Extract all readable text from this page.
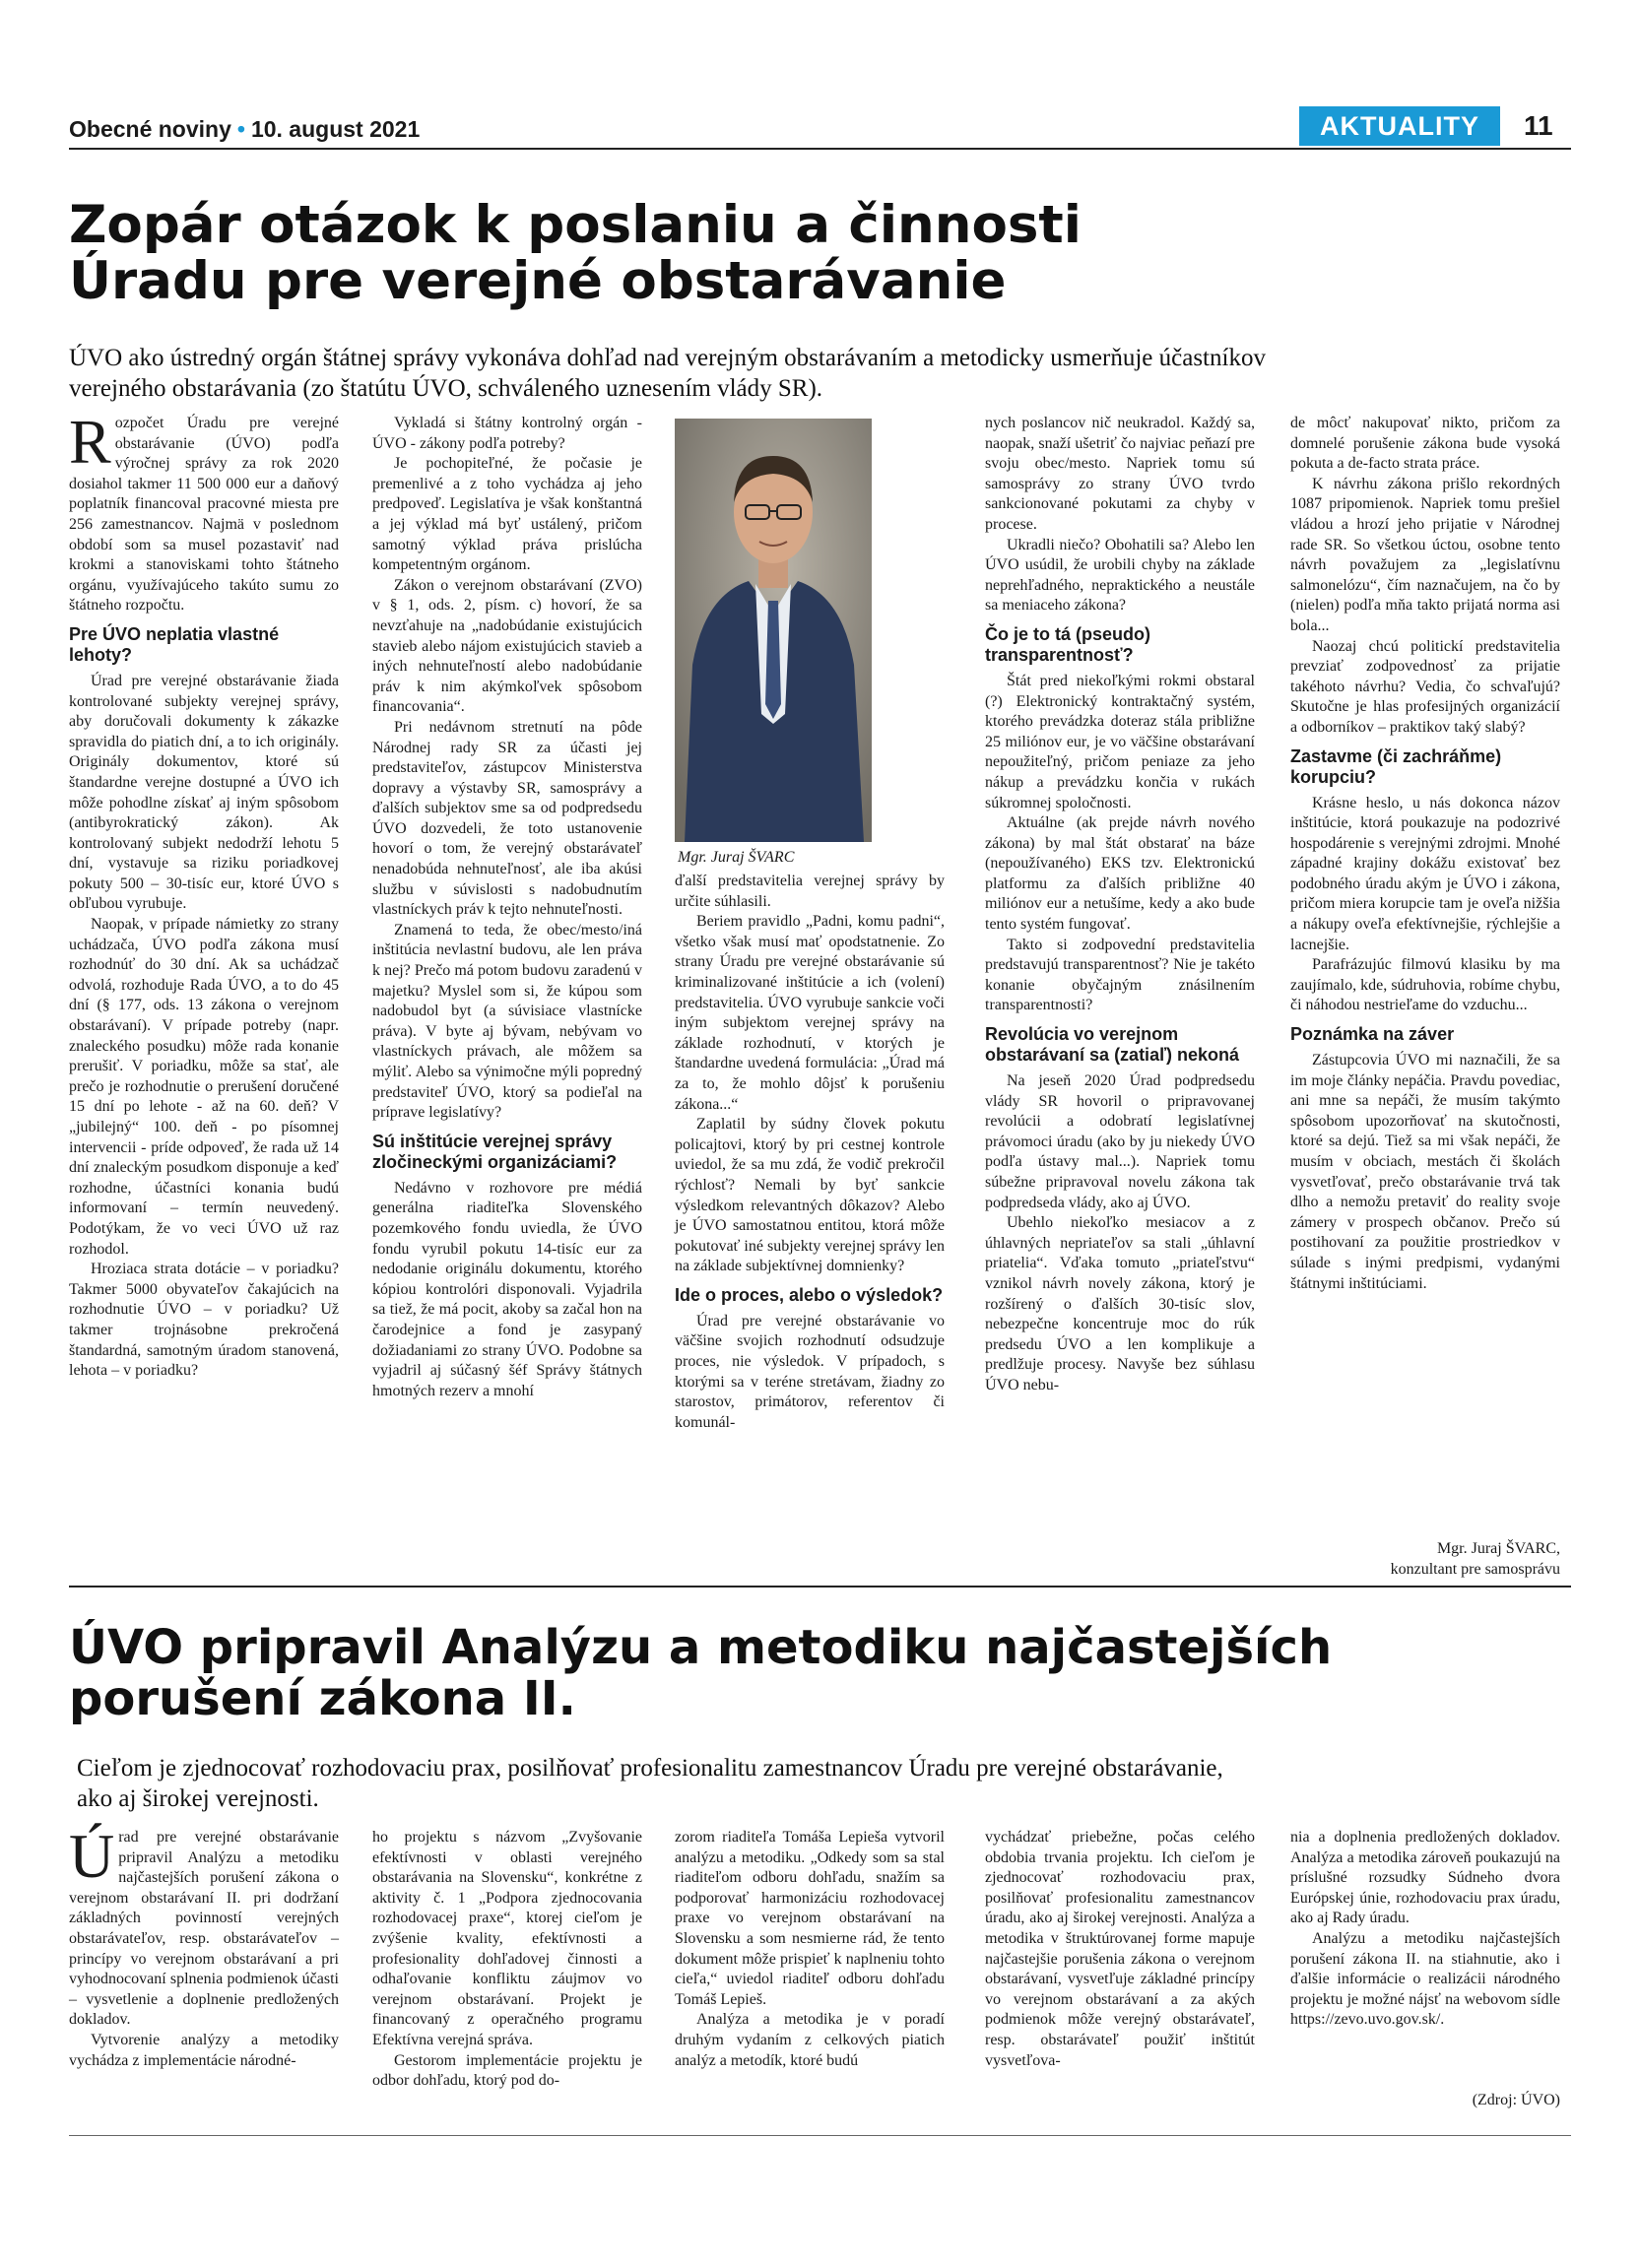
Obecné noviny • 10. august 2021	AKTUALITY	11
Zopár otázok k poslaniu a činnosti
Úradu pre verejné obstarávanie
ÚVO ako ústredný orgán štátnej správy vykonáva dohľad nad verejným obstarávaním a metodicky usmerňuje účastníkov
verejného obstarávania (zo štatútu ÚVO, schváleného uznesením vlády SR).

Rozpočet Úradu pre verejné obstarávanie (ÚVO) podľa výročnej správy za rok 2020 dosiahol takmer 11 500 000 eur a daňový poplatník financoval pracovné miesta pre 256 zamestnancov. Najmä v poslednom období som sa musel pozastaviť nad krokmi a stanoviskami tohto štátneho orgánu, využívajúceho takúto sumu zo štátneho rozpočtu.

Pre ÚVO neplatia vlastné lehoty?

Úrad pre verejné obstarávanie žiada kontrolované subjekty verejnej správy, aby doručovali dokumenty k zákazke spravidla do piatich dní, a to ich originály. Originály dokumentov, ktoré sú štandardne verejne dostupné a ÚVO ich môže pohodlne získať aj iným spôsobom (antibyrokratický zákon). Ak kontrolovaný subjekt nedodrží lehotu 5 dní, vystavuje sa riziku poriadkovej pokuty 500 – 30-tisíc eur, ktoré ÚVO s obľubou vyrubuje.

Naopak, v prípade námietky zo strany uchádzača, ÚVO podľa zákona musí rozhodnúť do 30 dní. Ak sa uchádzač odvolá, rozhoduje Rada ÚVO, a to do 45 dní (§ 177, ods. 13 zákona o verejnom obstarávaní). V prípade potreby (napr. znaleckého posudku) môže rada konanie prerušiť. V poriadku, môže sa stať, ale prečo je rozhodnutie o prerušení doručené 15 dní po lehote - až na 60. deň? V „jubilejný“ 100. deň - po písomnej intervencii - príde odpoveď, že rada už 14 dní znaleckým posudkom disponuje a keď rozhodne, účastníci konania budú informovaní – termín neuvedený. Podotýkam, že vo veci ÚVO už raz rozhodol.

Hroziaca strata dotácie – v poriadku? Takmer 5000 obyvateľov čakajúcich na rozhodnutie ÚVO – v poriadku? Už takmer trojnásobne prekročená štandardná, samotným úradom stanovená, lehota – v poriadku?

Vykladá si štátny kontrolný orgán - ÚVO - zákony podľa potreby?

Je pochopiteľné, že počasie je premenlivé a z toho vychádza aj jeho predpoveď. Legislatíva je však konštantná a jej výklad má byť ustálený, pričom samotný výklad práva prislúcha kompetentným orgánom.

Zákon o verejnom obstarávaní (ZVO) v § 1, ods. 2, písm. c) hovorí, že sa nevzťahuje na „nadobúdanie existujúcich stavieb alebo nájom existujúcich stavieb a iných nehnuteľností alebo nadobúdanie práv k nim akýmkoľvek spôsobom financovania“.

Pri nedávnom stretnutí na pôde Národnej rady SR za účasti jej predstaviteľov, zástupcov Ministerstva dopravy a výstavby SR, samosprávy a ďalších subjektov sme sa od podpredsedu ÚVO dozvedeli, že toto ustanovenie hovorí o tom, že verejný obstarávateľ nenadobúda nehnuteľnosť, ale iba akúsi službu v súvislosti s nadobudnutím vlastníckych práv k tejto nehnuteľnosti.

Znamená to teda, že obec/mesto/iná inštitúcia nevlastní budovu, ale len práva k nej? Prečo má potom budovu zaradenú v majetku? Myslel som si, že kúpou som nadobudol byt (a súvisiace vlastnícke práva). V byte aj bývam, nebývam vo vlastníckych právach, ale môžem sa mýliť. Alebo sa výnimočne mýli popredný predstaviteľ ÚVO, ktorý sa podieľal na príprave legislatívy?

Sú inštitúcie verejnej správy zločineckými organizáciami?

Nedávno v rozhovore pre médiá generálna riaditeľka Slovenského pozemkového fondu uviedla, že ÚVO fondu vyrubil pokutu 14-tisíc eur za nedodanie originálu dokumentu, ktorého kópiou kontrolóri disponovali. Vyjadrila sa tiež, že má pocit, akoby sa začal hon na čarodejnice a fond je zasypaný dožiadaniami zo strany ÚVO. Podobne sa vyjadril aj súčasný šéf Správy štátnych hmotných rezerv a mnohí

Mgr. Juraj ŠVARC

ďalší predstavitelia verejnej správy by určite súhlasili.

Beriem pravidlo „Padni, komu padni“, všetko však musí mať opodstatnenie. Zo strany Úradu pre verejné obstarávanie sú kriminalizované inštitúcie a ich (volení) predstavitelia. ÚVO vyrubuje sankcie voči iným subjektom verejnej správy na základe rozhodnutí, v ktorých je štandardne uvedená formulácia: „Úrad má za to, že mohlo dôjsť k porušeniu zákona...“

Zaplatil by súdny človek pokutu policajtovi, ktorý by pri cestnej kontrole uviedol, že sa mu zdá, že vodič prekročil rýchlosť? Nemali by byť sankcie výsledkom relevantných dôkazov? Alebo je ÚVO samostatnou entitou, ktorá môže pokutovať iné subjekty verejnej správy len na základe subjektívnej domnienky?

Ide o proces, alebo o výsledok?

Úrad pre verejné obstarávanie vo väčšine svojich rozhodnutí odsudzuje proces, nie výsledok. V prípadoch, s ktorými sa v teréne stretávam, žiadny zo starostov, primátorov, referentov či komunál-

nych poslancov nič neukradol. Každý sa, naopak, snaží ušetriť čo najviac peňazí pre svoju obec/mesto. Napriek tomu sú samosprávy zo strany ÚVO tvrdo sankcionované pokutami za chyby v procese.

Ukradli niečo? Obohatili sa? Alebo len ÚVO usúdil, že urobili chyby na základe neprehľadného, nepraktického a neustále sa meniaceho zákona?

Čo je to tá (pseudo) transparentnosť?

Štát pred niekoľkými rokmi obstaral (?) Elektronický kontraktačný systém, ktorého prevádzka doteraz stála približne 25 miliónov eur, je vo väčšine obstarávaní nepoužiteľný, pričom peniaze za jeho nákup a prevádzku končia v rukách súkromnej spoločnosti.

Aktuálne (ak prejde návrh nového zákona) by mal štát obstarať na báze (nepoužívaného) EKS tzv. Elektronickú platformu za ďalších približne 40 miliónov eur a netušíme, kedy a ako bude tento systém fungovať.

Takto si zodpovední predstavitelia predstavujú transparentnosť? Nie je takéto konanie obyčajným znásilnením transparentnosti?

Revolúcia vo verejnom obstarávaní sa (zatiaľ) nekoná

Na jeseň 2020 Úrad podpredsedu vlády SR hovoril o pripravovanej revolúcii a odobratí legislatívnej právomoci úradu (ako by ju niekedy ÚVO podľa ústavy mal...). Napriek tomu súbežne pripravoval novelu zákona tak podpredseda vlády, ako aj ÚVO.

Ubehlo niekoľko mesiacov a z úhlavných nepriateľov sa stali „úhlavní priatelia“. Vďaka tomuto „priateľstvu“ vznikol návrh novely zákona, ktorý je rozšírený o ďalších 30-tisíc slov, nebezpečne koncentruje moc do rúk predsedu ÚVO a len komplikuje a predlžuje procesy. Navyše bez súhlasu ÚVO nebu-

de môcť nakupovať nikto, pričom za domnelé porušenie zákona bude vysoká pokuta a de-facto strata práce.

K návrhu zákona prišlo rekordných 1087 pripomienok. Napriek tomu prešiel vládou a hrozí jeho prijatie v Národnej rade SR. So všetkou úctou, osobne tento návrh považujem za „legislatívnu salmonelózu“, čím naznačujem, na čo by (nielen) podľa mňa takto prijatá norma asi bola...

Naozaj chcú politickí predstavitelia prevziať zodpovednosť za prijatie takéhoto návrhu? Vedia, čo schvaľujú? Skutočne je hlas profesijných organizácií a odborníkov – praktikov taký slabý?

Zastavme (či zachráňme) korupciu?

Krásne heslo, u nás dokonca názov inštitúcie, ktorá poukazuje na podozrivé hospodárenie s verejnými zdrojmi. Mnohé západné krajiny dokážu existovať bez podobného úradu akým je ÚVO i zákona, pričom miera korupcie tam je oveľa nižšia a nákupy oveľa efektívnejšie, rýchlejšie a lacnejšie.

Parafrázujúc filmovú klasiku by ma zaujímalo, kde, súdruhovia, robíme chybu, či náhodou nestrieľame do vzduchu...

Poznámka na záver

Zástupcovia ÚVO mi naznačili, že sa im moje články nepáčia. Pravdu povediac, ani mne sa nepáči, že musím takýmto spôsobom upozorňovať na skutočnosti, ktoré sa dejú. Tiež sa mi však nepáči, že musím v obciach, mestách či školách vysvetľovať, prečo obstarávanie trvá tak dlho a nemožu pretaviť do reality svoje zámery v prospech občanov. Prečo sú postihovaní za použitie prostriedkov v súlade s inými predpismi, vydanými štátnymi inštitúciami.

Mgr. Juraj ŠVARC,
konzultant pre samosprávu
ÚVO pripravil Analýzu a metodiku najčastejších
porušení zákona II.
Cieľom je zjednocovať rozhodovaciu prax, posilňovať profesionalitu zamestnancov Úradu pre verejné obstarávanie,
ako aj širokej verejnosti.

Úrad pre verejné obstarávanie pripravil Analýzu a metodiku najčastejších porušení zákona o verejnom obstarávaní II. pri dodržaní základných povinností verejných obstarávateľov, resp. obstarávateľov – princípy vo verejnom obstarávaní a pri vyhodnocovaní splnenia podmienok účasti – vysvetlenie a doplnenie predložených dokladov.

Vytvorenie analýzy a metodiky vychádza z implementácie národné-

ho projektu s názvom „Zvyšovanie efektívnosti v oblasti verejného obstarávania na Slovensku“, konkrétne z aktivity č. 1 „Podpora zjednocovania rozhodovacej praxe“, ktorej cieľom je zvýšenie kvality, efektívnosti a profesionality dohľadovej činnosti a odhaľovanie konfliktu záujmov vo verejnom obstarávaní. Projekt je financovaný z operačného programu Efektívna verejná správa.

Gestorom implementácie projektu je odbor dohľadu, ktorý pod do-

zorom riaditeľa Tomáša Lepieša vytvoril analýzu a metodiku. „Odkedy som sa stal riaditeľom odboru dohľadu, snažím sa podporovať harmonizáciu rozhodovacej praxe vo verejnom obstarávaní na Slovensku a som nesmierne rád, že tento dokument môže prispieť k naplneniu tohto cieľa,“ uviedol riaditeľ odboru dohľadu Tomáš Lepieš.

Analýza a metodika je v poradí druhým vydaním z celkových piatich analýz a metodík, ktoré budú

vychádzať priebežne, počas celého obdobia trvania projektu. Ich cieľom je zjednocovať rozhodovaciu prax, posilňovať profesionalitu zamestnancov úradu, ako aj širokej verejnosti. Analýza a metodika v štruktúrovanej forme mapuje najčastejšie porušenia zákona o verejnom obstarávaní, vysvetľuje základné princípy vo verejnom obstarávaní a za akých podmienok môže verejný obstarávateľ, resp. obstarávateľ použiť inštitút vysvetľova-

nia a doplnenia predložených dokladov. Analýza a metodika zároveň poukazujú na príslušné rozsudky Súdneho dvora Európskej únie, rozhodovaciu prax úradu, ako aj Rady úradu.

Analýzu a metodiku najčastejších porušení zákona II. na stiahnutie, ako i ďalšie informácie o realizácii národného projektu je možné nájsť na webovom sídle https://zevo.uvo.gov.sk/.

(Zdroj: ÚVO)
